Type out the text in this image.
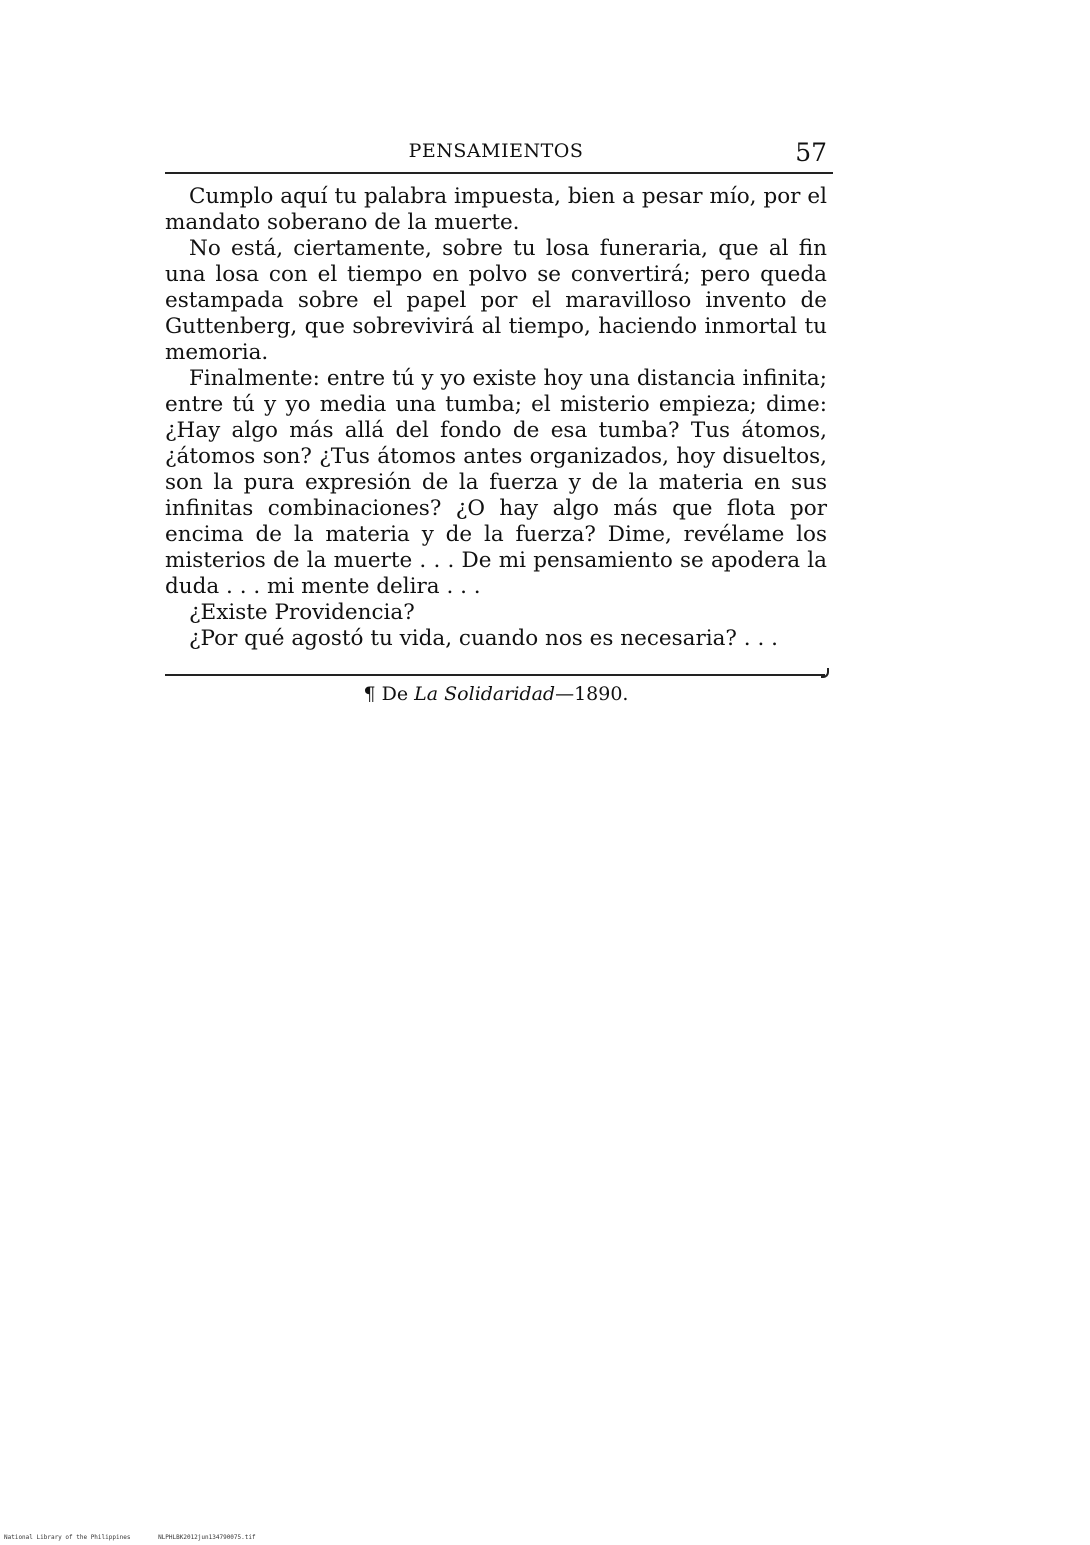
PENSAMIENTOS	57

Cumplo aquí tu palabra impuesta, bien a pesar mío, por el mandato soberano de la muerte.

No está, ciertamente, sobre tu losa funeraria, que al fin una losa con el tiempo en polvo se convertirá; pero queda estampada sobre el papel por el maravilloso invento de Guttenberg, que sobrevivirá al tiempo, haciendo inmortal tu memoria.

Finalmente: entre tú y yo existe hoy una distancia infinita; entre tú y yo media una tumba; el misterio empieza; dime: ¿Hay algo más allá del fondo de esa tumba? Tus átomos, ¿átomos son? ¿Tus átomos antes organizados, hoy disueltos, son la pura expresión de la fuerza y de la materia en sus infinitas combinaciones? ¿O hay algo más que flota por encima de la materia y de la fuerza? Dime, revélame los misterios de la muerte . . . De mi pensamiento se apodera la duda . . . mi mente delira . . .

¿Existe Providencia?

¿Por qué agostó tu vida, cuando nos es necesaria? . . .

¶ De La Solidaridad—1890.
National Library of the Philippines	NLPHLBK2012jun134790075.tif
